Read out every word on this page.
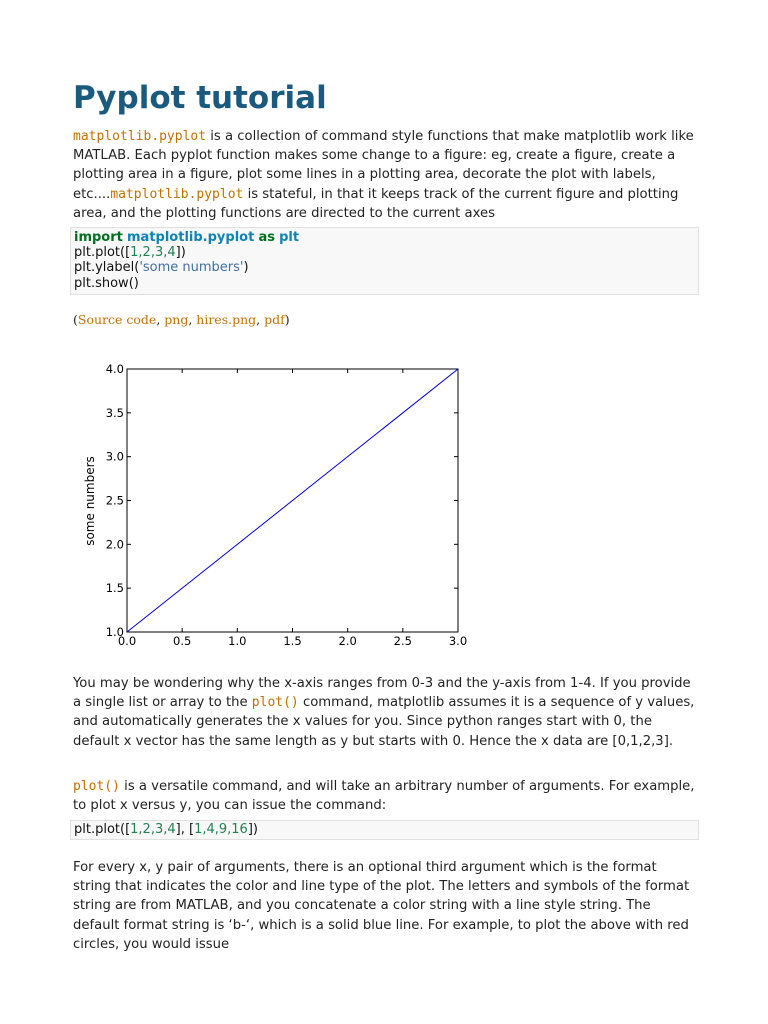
Pyplot tutorial

matplotlib.pyplot is a collection of command style functions that make matplotlib work like MATLAB. Each pyplot function makes some change to a figure: eg, create a figure, create a plotting area in a figure, plot some lines in a plotting area, decorate the plot with labels, etc....matplotlib.pyplot is stateful, in that it keeps track of the current figure and plotting area, and the plotting functions are directed to the current axes

import matplotlib.pyplot as plt
plt.plot([1,2,3,4])
plt.ylabel('some numbers')
plt.show()
(Source code, png, hires.png, pdf)
0.0	0.5	1.0	1.5	2.0	2.5	3.0
1.0
1.5
2.0
2.5
3.0
3.5
4.0
some numbers

You may be wondering why the x-axis ranges from 0-3 and the y-axis from 1-4. If you provide a single list or array to the plot() command, matplotlib assumes it is a sequence of y values, and automatically generates the x values for you. Since python ranges start with 0, the default x vector has the same length as y but starts with 0. Hence the x data are [0,1,2,3].

plot() is a versatile command, and will take an arbitrary number of arguments. For example, to plot x versus y, you can issue the command:

plt.plot([1,2,3,4], [1,4,9,16])

For every x, y pair of arguments, there is an optional third argument which is the format string that indicates the color and line type of the plot. The letters and symbols of the format string are from MATLAB, and you concatenate a color string with a line style string. The default format string is ‘b-‘, which is a solid blue line. For example, to plot the above with red circles, you would issue
